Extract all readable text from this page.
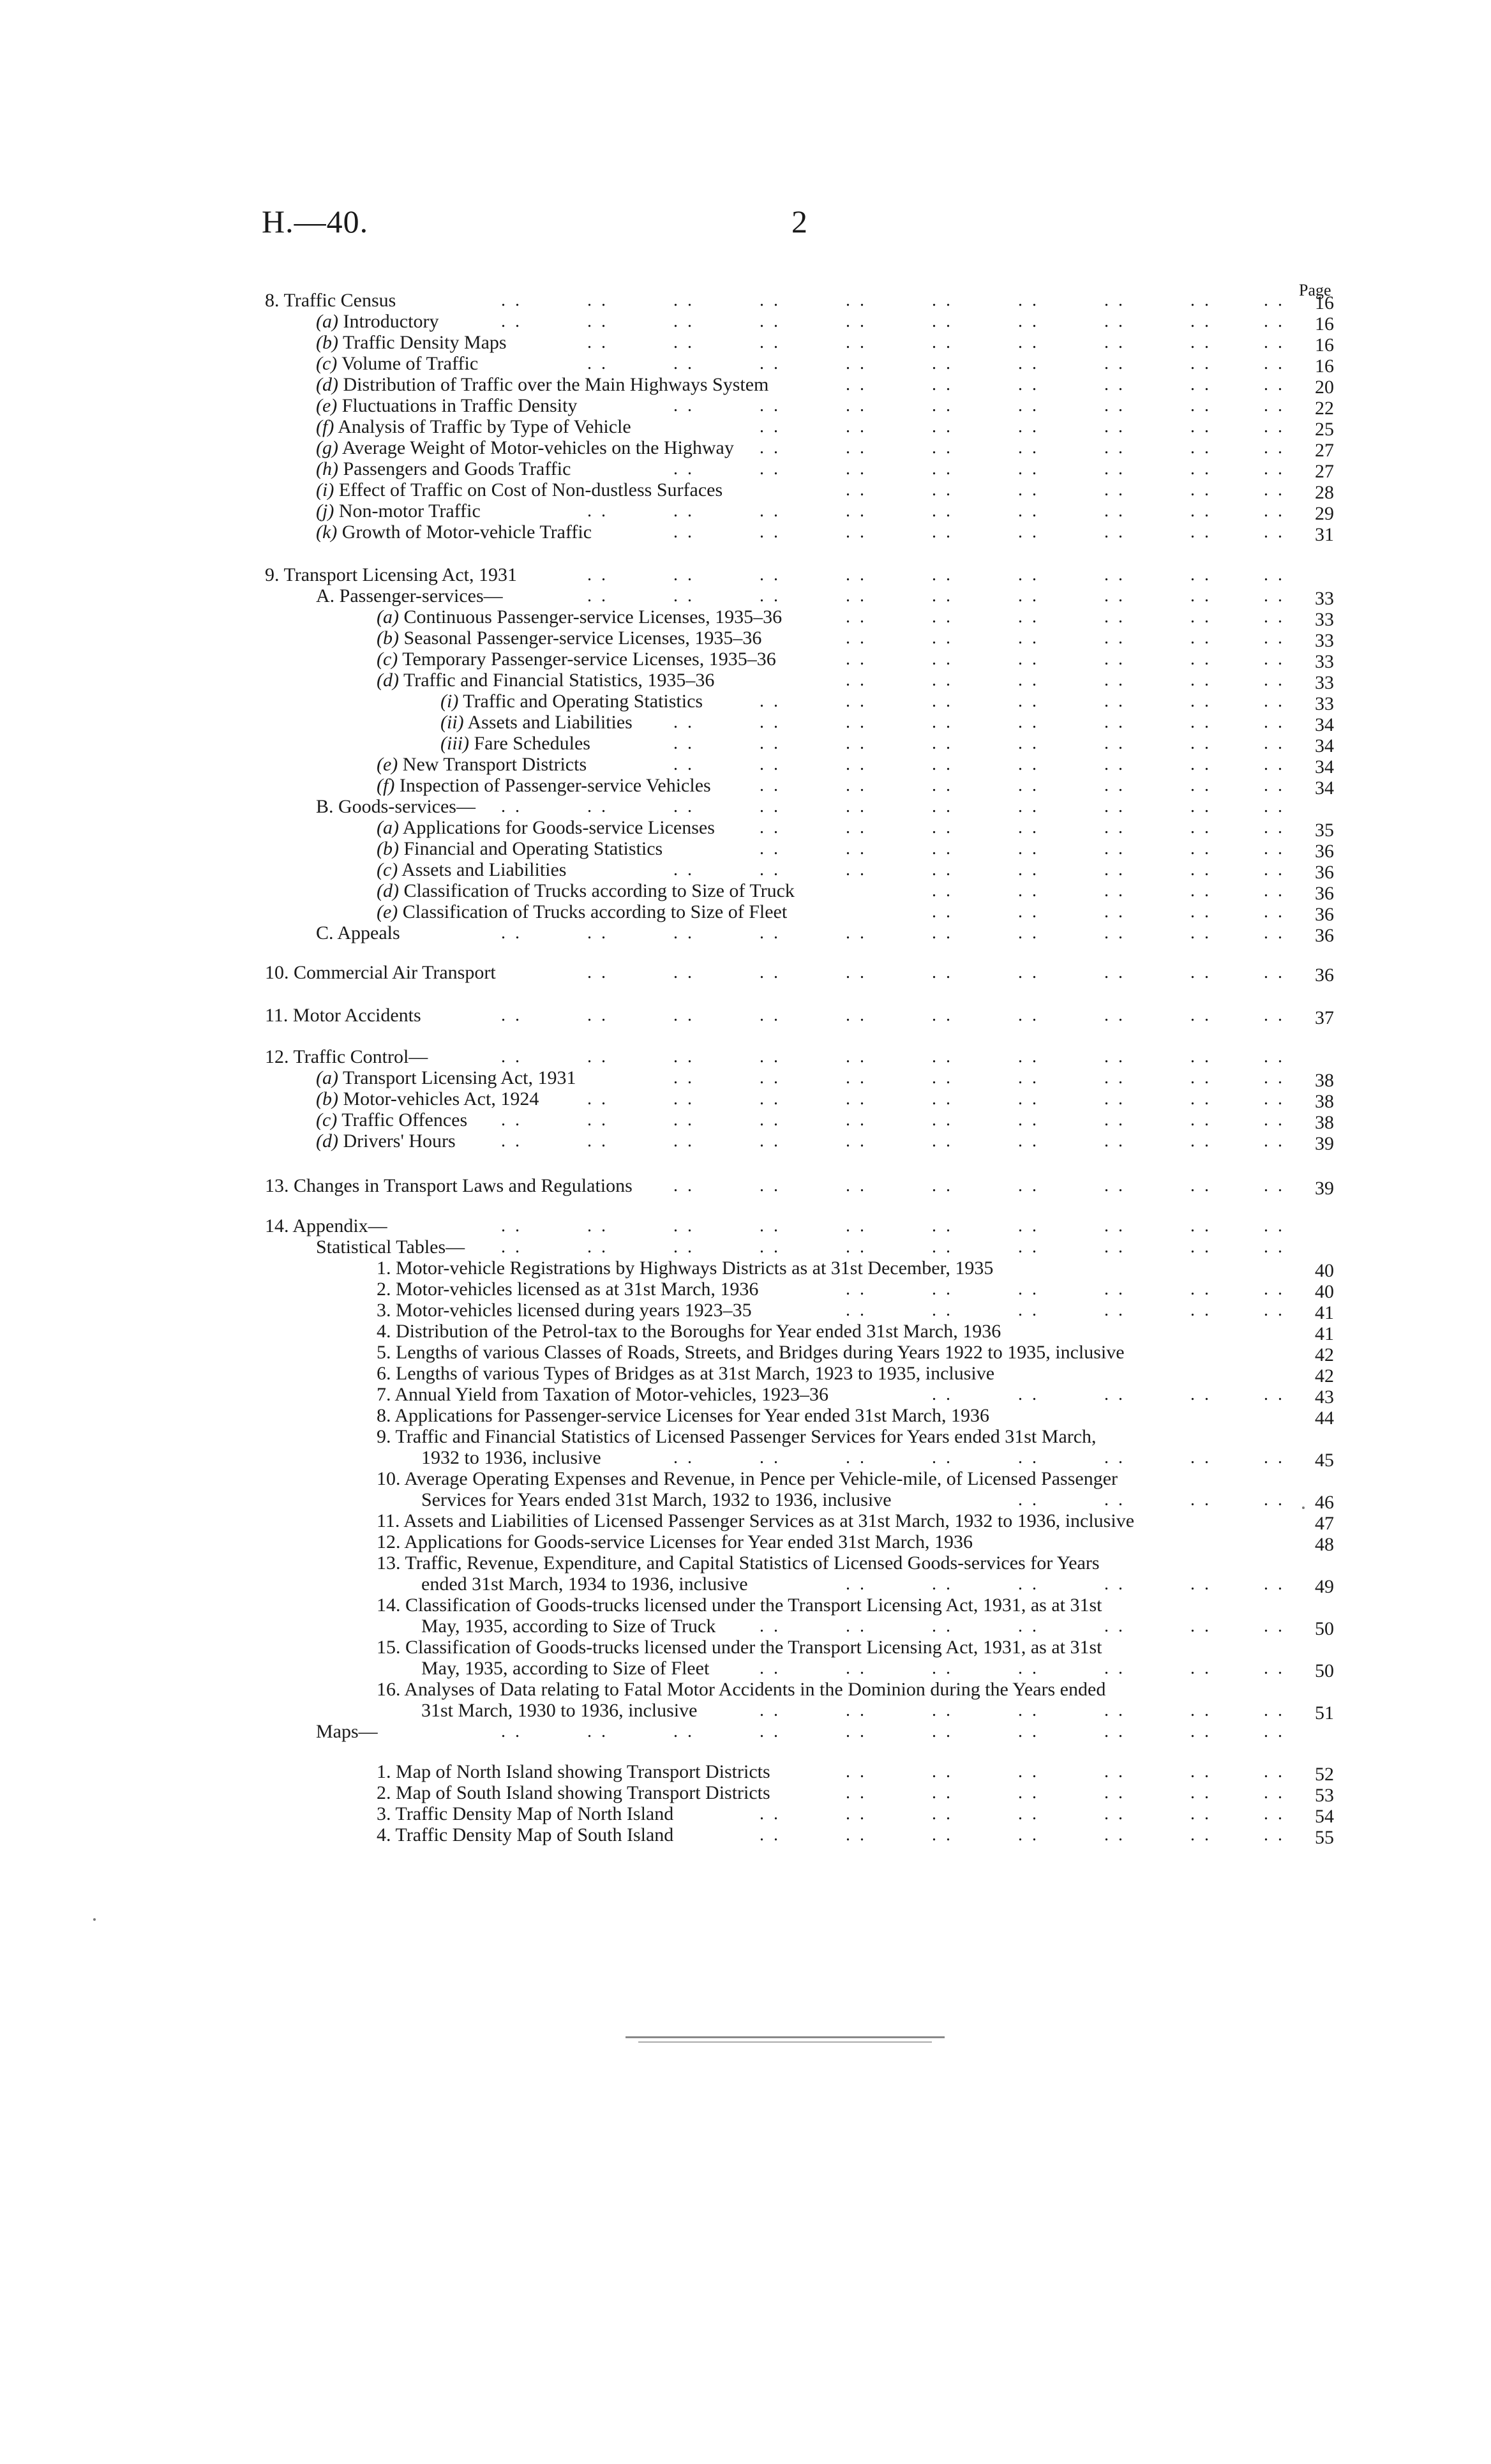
H.—40.	2
Page
8. Traffic Census	. .	. .	. .	. .	. .	. .	. .	. .	. .	. .	16
(a) Introductory	. .	. .	. .	. .	. .	. .	. .	. .	. .	. .	16
(b) Traffic Density Maps	. .	. .	. .	. .	. .	. .	. .	. .	. .	16
(c) Volume of Traffic	. .	. .	. .	. .	. .	. .	. .	. .	. .	16
(d) Distribution of Traffic over the Main Highways System	. .	. .	. .	. .	. .	. .	20
(e) Fluctuations in Traffic Density	. .	. .	. .	. .	. .	. .	. .	. .	22
(f) Analysis of Traffic by Type of Vehicle	. .	. .	. .	. .	. .	. .	. .	25
(g) Average Weight of Motor-vehicles on the Highway . .	. .	. .	. .	. .	. .	. .	27
(h) Passengers and Goods Traffic	. .	. .	. .	. .	. .	. .	. .	. .	27
(i) Effect of Traffic on Cost of Non-dustless Surfaces	. .	. .	. .	. .	. .	. .	28
(j) Non-motor Traffic	. .	. .	. .	. .	. .	. .	. .	. .	. .	29
(k) Growth of Motor-vehicle Traffic	. .	. .	. .	. .	. .	. .	. .	. .	31
9. Transport Licensing Act, 1931	. .	. .	. .	. .	. .	. .	. .	. .	. .
A. Passenger-services—	. .	. .	. .	. .	. .	. .	. .	. .	. .	33
(a) Continuous Passenger-service Licenses, 1935–36	. .	. .	. .	. .	. .	. .	33
(b) Seasonal Passenger-service Licenses, 1935–36	. .	. .	. .	. .	. .	. .	33
(c) Temporary Passenger-service Licenses, 1935–36	. .	. .	. .	. .	. .	. .	33
(d) Traffic and Financial Statistics, 1935–36	. .	. .	. .	. .	. .	. .	33
(i) Traffic and Operating Statistics	. .	. .	. .	. .	. .	. .	. .	33
(ii) Assets and Liabilities . .	. .	. .	. .	. .	. .	. .	. .	34
(iii) Fare Schedules	. .	. .	. .	. .	. .	. .	. .	. .	34
(e) New Transport Districts	. .	. .	. .	. .	. .	. .	. .	. .	34
(f) Inspection of Passenger-service Vehicles	. .	. .	. .	. .	. .	. .	. .	34
B. Goods-services— . .	. .	. .	. .	. .	. .	. .	. .	. .	. .
(a) Applications for Goods-service Licenses	. .	. .	. .	. .	. .	. .	. .	35
(b) Financial and Operating Statistics	. .	. .	. .	. .	. .	. .	. .	36
(c) Assets and Liabilities	. .	. .	. .	. .	. .	. .	. .	. .	36
(d) Classification of Trucks according to Size of Truck	. .	. .	. .	. .	. .	36
(e) Classification of Trucks according to Size of Fleet	. .	. .	. .	. .	. .	36
C. Appeals	. .	. .	. .	. .	. .	. .	. .	. .	. .	. .	36
10. Commercial Air Transport	. .	. .	. .	. .	. .	. .	. .	. .	. .	36
11. Motor Accidents	. .	. .	. .	. .	. .	. .	. .	. .	. .	. .	37
12. Traffic Control—	. .	. .	. .	. .	. .	. .	. .	. .	. .	. .
(a) Transport Licensing Act, 1931	. .	. .	. .	. .	. .	. .	. .	. .	38
(b) Motor-vehicles Act, 1924	. .	. .	. .	. .	. .	. .	. .	. .	. .	38
(c) Traffic Offences . .	. .	. .	. .	. .	. .	. .	. .	. .	. .	38
(d) Drivers' Hours	. .	. .	. .	. .	. .	. .	. .	. .	. .	. .	39
13. Changes in Transport Laws and Regulations . .	. .	. .	. .	. .	. .	. .	. .	39
14. Appendix—	. .	. .	. .	. .	. .	. .	. .	. .	. .	. .
Statistical Tables— . .	. .	. .	. .	. .	. .	. .	. .	. .	. .
1. Motor-vehicle Registrations by Highways Districts as at 31st December, 1935	40
2. Motor-vehicles licensed as at 31st March, 1936	. .	. .	. .	. .	. .	. .	40
3. Motor-vehicles licensed during years 1923–35	. .	. .	. .	. .	. .	. .	41
4. Distribution of the Petrol-tax to the Boroughs for Year ended 31st March, 1936	41
5. Lengths of various Classes of Roads, Streets, and Bridges during Years 1922 to 1935, inclusive	42
6. Lengths of various Types of Bridges as at 31st March, 1923 to 1935, inclusive	42
7. Annual Yield from Taxation of Motor-vehicles, 1923–36	. .	. .	. .	. .	. .	43
8. Applications for Passenger-service Licenses for Year ended 31st March, 1936	44
9. Traffic and Financial Statistics of Licensed Passenger Services for Years ended 31st March,
1932 to 1936, inclusive	. .	. .	. .	. .	. .	. .	. .	. .	45
10. Average Operating Expenses and Revenue, in Pence per Vehicle-mile, of Licensed Passenger
Services for Years ended 31st March, 1932 to 1936, inclusive	. .	. .	. .	. .	46
11. Assets and Liabilities of Licensed Passenger Services as at 31st March, 1932 to 1936, inclusive	47
12. Applications for Goods-service Licenses for Year ended 31st March, 1936	48
13. Traffic, Revenue, Expenditure, and Capital Statistics of Licensed Goods-services for Years
ended 31st March, 1934 to 1936, inclusive	. .	. .	. .	. .	. .	. .	49
14. Classification of Goods-trucks licensed under the Transport Licensing Act, 1931, as at 31st
May, 1935, according to Size of Truck . .	. .	. .	. .	. .	. .	. .	50
15. Classification of Goods-trucks licensed under the Transport Licensing Act, 1931, as at 31st
May, 1935, according to Size of Fleet	. .	. .	. .	. .	. .	. .	. .	50
16. Analyses of Data relating to Fatal Motor Accidents in the Dominion during the Years ended
31st March, 1930 to 1936, inclusive	. .	. .	. .	. .	. .	. .	. .	51
Maps—	. .	. .	. .	. .	. .	. .	. .	. .	. .	. .
1. Map of North Island showing Transport Districts	. .	. .	. .	. .	. .	. .	52
2. Map of South Island showing Transport Districts	. .	. .	. .	. .	. .	. .	53
3. Traffic Density Map of North Island	. .	. .	. .	. .	. .	. .	. .	54
4. Traffic Density Map of South Island	. .	. .	. .	. .	. .	. .	. .	55
